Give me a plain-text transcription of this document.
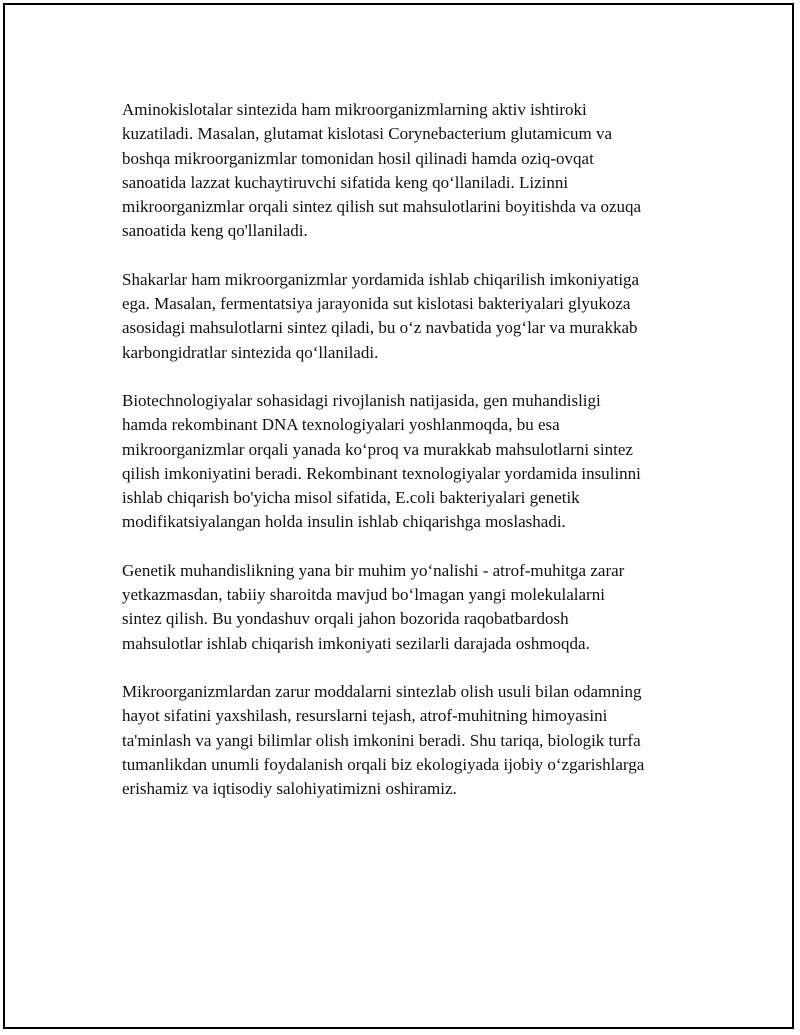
Aminokislotalar sintezida ham mikroorganizmlarning aktiv ishtiroki
kuzatiladi. Masalan, glutamat kislotasi Corynebacterium glutamicum va
boshqa mikroorganizmlar tomonidan hosil qilinadi hamda oziq-ovqat
sanoatida lazzat kuchaytiruvchi sifatida keng qo‘llaniladi. Lizinni
mikroorganizmlar orqali sintez qilish sut mahsulotlarini boyitishda va ozuqa
sanoatida keng qo'llaniladi.

Shakarlar ham mikroorganizmlar yordamida ishlab chiqarilish imkoniyatiga
ega. Masalan, fermentatsiya jarayonida sut kislotasi bakteriyalari glyukoza
asosidagi mahsulotlarni sintez qiladi, bu o‘z navbatida yog‘lar va murakkab
karbongidratlar sintezida qo‘llaniladi.

Biotechnologiyalar sohasidagi rivojlanish natijasida, gen muhandisligi
hamda rekombinant DNA texnologiyalari yoshlanmoqda, bu esa
mikroorganizmlar orqali yanada ko‘proq va murakkab mahsulotlarni sintez
qilish imkoniyatini beradi. Rekombinant texnologiyalar yordamida insulinni
ishlab chiqarish bo'yicha misol sifatida, E.coli bakteriyalari genetik
modifikatsiyalangan holda insulin ishlab chiqarishga moslashadi.

Genetik muhandislikning yana bir muhim yo‘nalishi - atrof-muhitga zarar
yetkazmasdan, tabiiy sharoitda mavjud bo‘lmagan yangi molekulalarni
sintez qilish. Bu yondashuv orqali jahon bozorida raqobatbardosh
mahsulotlar ishlab chiqarish imkoniyati sezilarli darajada oshmoqda.

Mikroorganizmlardan zarur moddalarni sintezlab olish usuli bilan odamning
hayot sifatini yaxshilash, resurslarni tejash, atrof-muhitning himoyasini
ta'minlash va yangi bilimlar olish imkonini beradi. Shu tariqa, biologik turfa
tumanlikdan unumli foydalanish orqali biz ekologiyada ijobiy o‘zgarishlarga
erishamiz va iqtisodiy salohiyatimizni oshiramiz.
